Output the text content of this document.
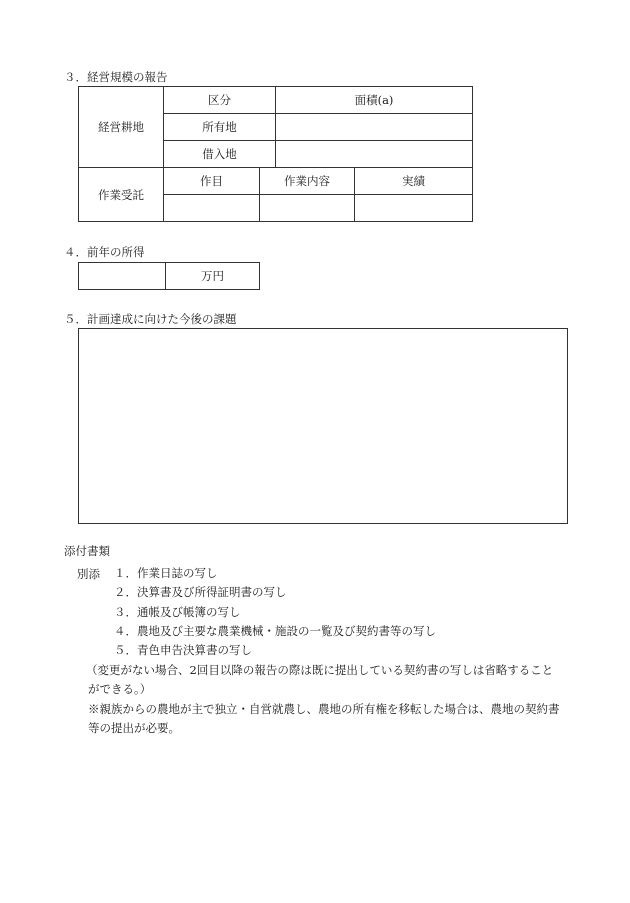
３．経営規模の報告
経営耕地	区分	面積(a)
	所有地	
	借入地	
作業受託	作目	作業内容	実績

４．前年の所得
	万円
５．計画達成に向けた今後の課題
添付書類
別添 １．作業日誌の写し
２．決算書及び所得証明書の写し
３．通帳及び帳簿の写し
４．農地及び主要な農業機械・施設の一覧及び契約書等の写し
５．青色申告決算書の写し
（変更がない場合、2回目以降の報告の際は既に提出している契約書の写しは省略すること
ができる。）
※親族からの農地が主で独立・自営就農し、農地の所有権を移転した場合は、農地の契約書
等の提出が必要。
